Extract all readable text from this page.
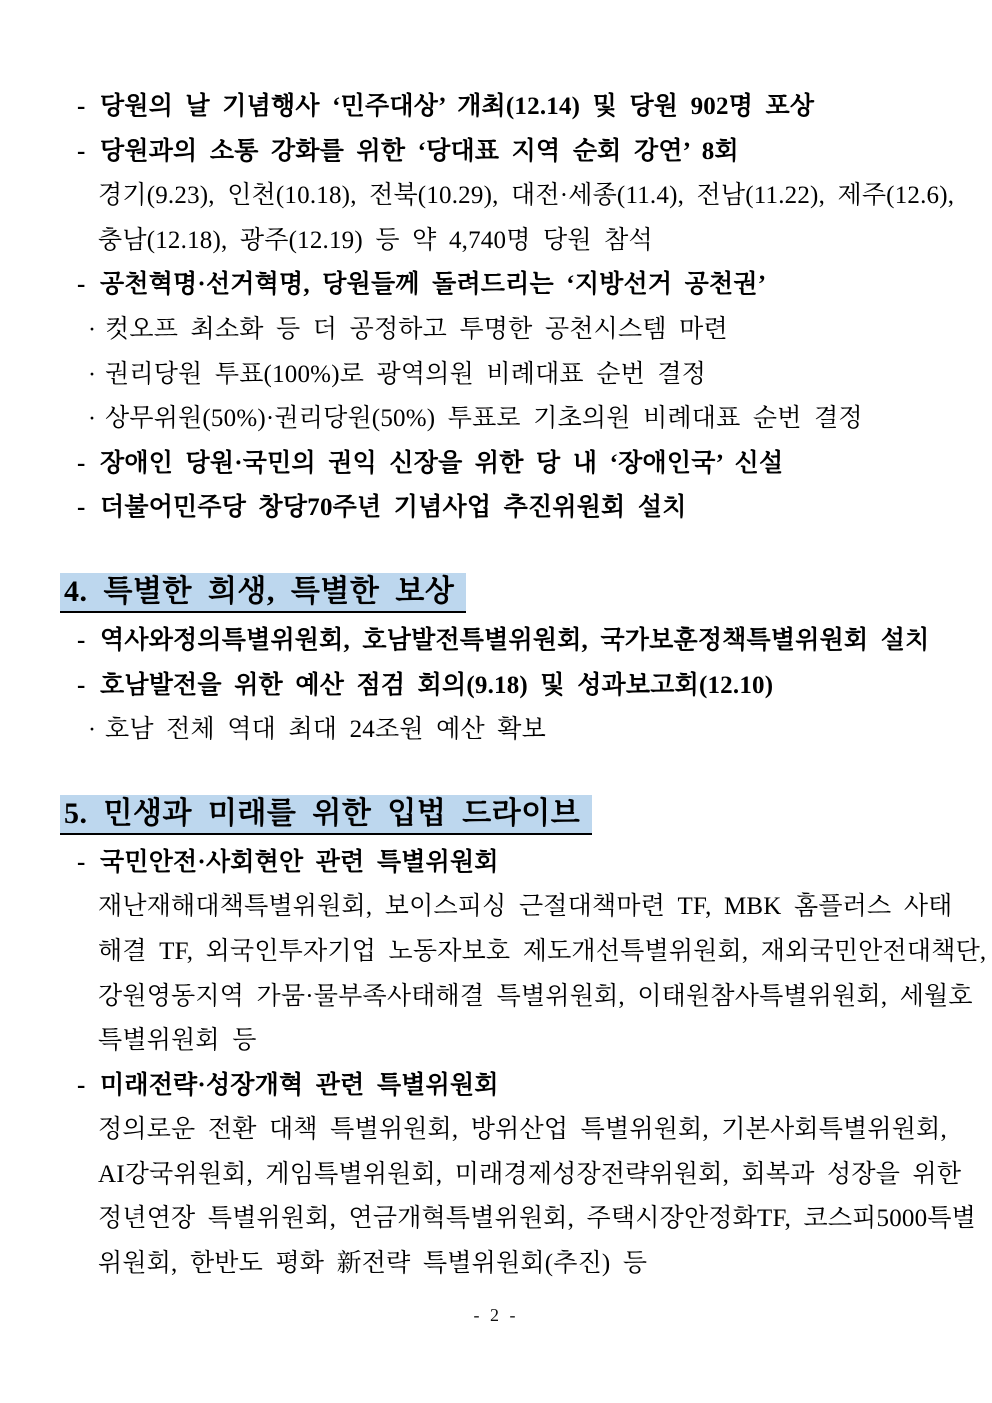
- 당원의 날 기념행사 ‘민주대상’ 개최(12.14) 및 당원 902명 포상
- 당원과의 소통 강화를 위한 ‘당대표 지역 순회 강연’ 8회
경기(9.23), 인천(10.18), 전북(10.29), 대전·세종(11.4), 전남(11.22), 제주(12.6),
충남(12.18), 광주(12.19) 등 약 4,740명 당원 참석
- 공천혁명·선거혁명, 당원들께 돌려드리는 ‘지방선거 공천권’
· 컷오프 최소화 등 더 공정하고 투명한 공천시스템 마련
· 권리당원 투표(100%)로 광역의원 비례대표 순번 결정
· 상무위원(50%)·권리당원(50%) 투표로 기초의원 비례대표 순번 결정
- 장애인 당원·국민의 권익 신장을 위한 당 내 ‘장애인국’ 신설
- 더불어민주당 창당70주년 기념사업 추진위원회 설치
4. 특별한 희생, 특별한 보상
- 역사와정의특별위원회, 호남발전특별위원회, 국가보훈정책특별위원회 설치
- 호남발전을 위한 예산 점검 회의(9.18) 및 성과보고회(12.10)
· 호남 전체 역대 최대 24조원 예산 확보
5. 민생과 미래를 위한 입법 드라이브
- 국민안전·사회현안 관련 특별위원회
재난재해대책특별위원회, 보이스피싱 근절대책마련 TF, MBK 홈플러스 사태
해결 TF, 외국인투자기업 노동자보호 제도개선특별위원회, 재외국민안전대책단,
강원영동지역 가뭄·물부족사태해결 특별위원회, 이태원참사특별위원회, 세월호
특별위원회 등
- 미래전략·성장개혁 관련 특별위원회
정의로운 전환 대책 특별위원회, 방위산업 특별위원회, 기본사회특별위원회,
AI강국위원회, 게임특별위원회, 미래경제성장전략위원회, 회복과 성장을 위한
정년연장 특별위원회, 연금개혁특별위원회, 주택시장안정화TF, 코스피5000특별
위원회, 한반도 평화 新전략 특별위원회(추진) 등
- 2 -
